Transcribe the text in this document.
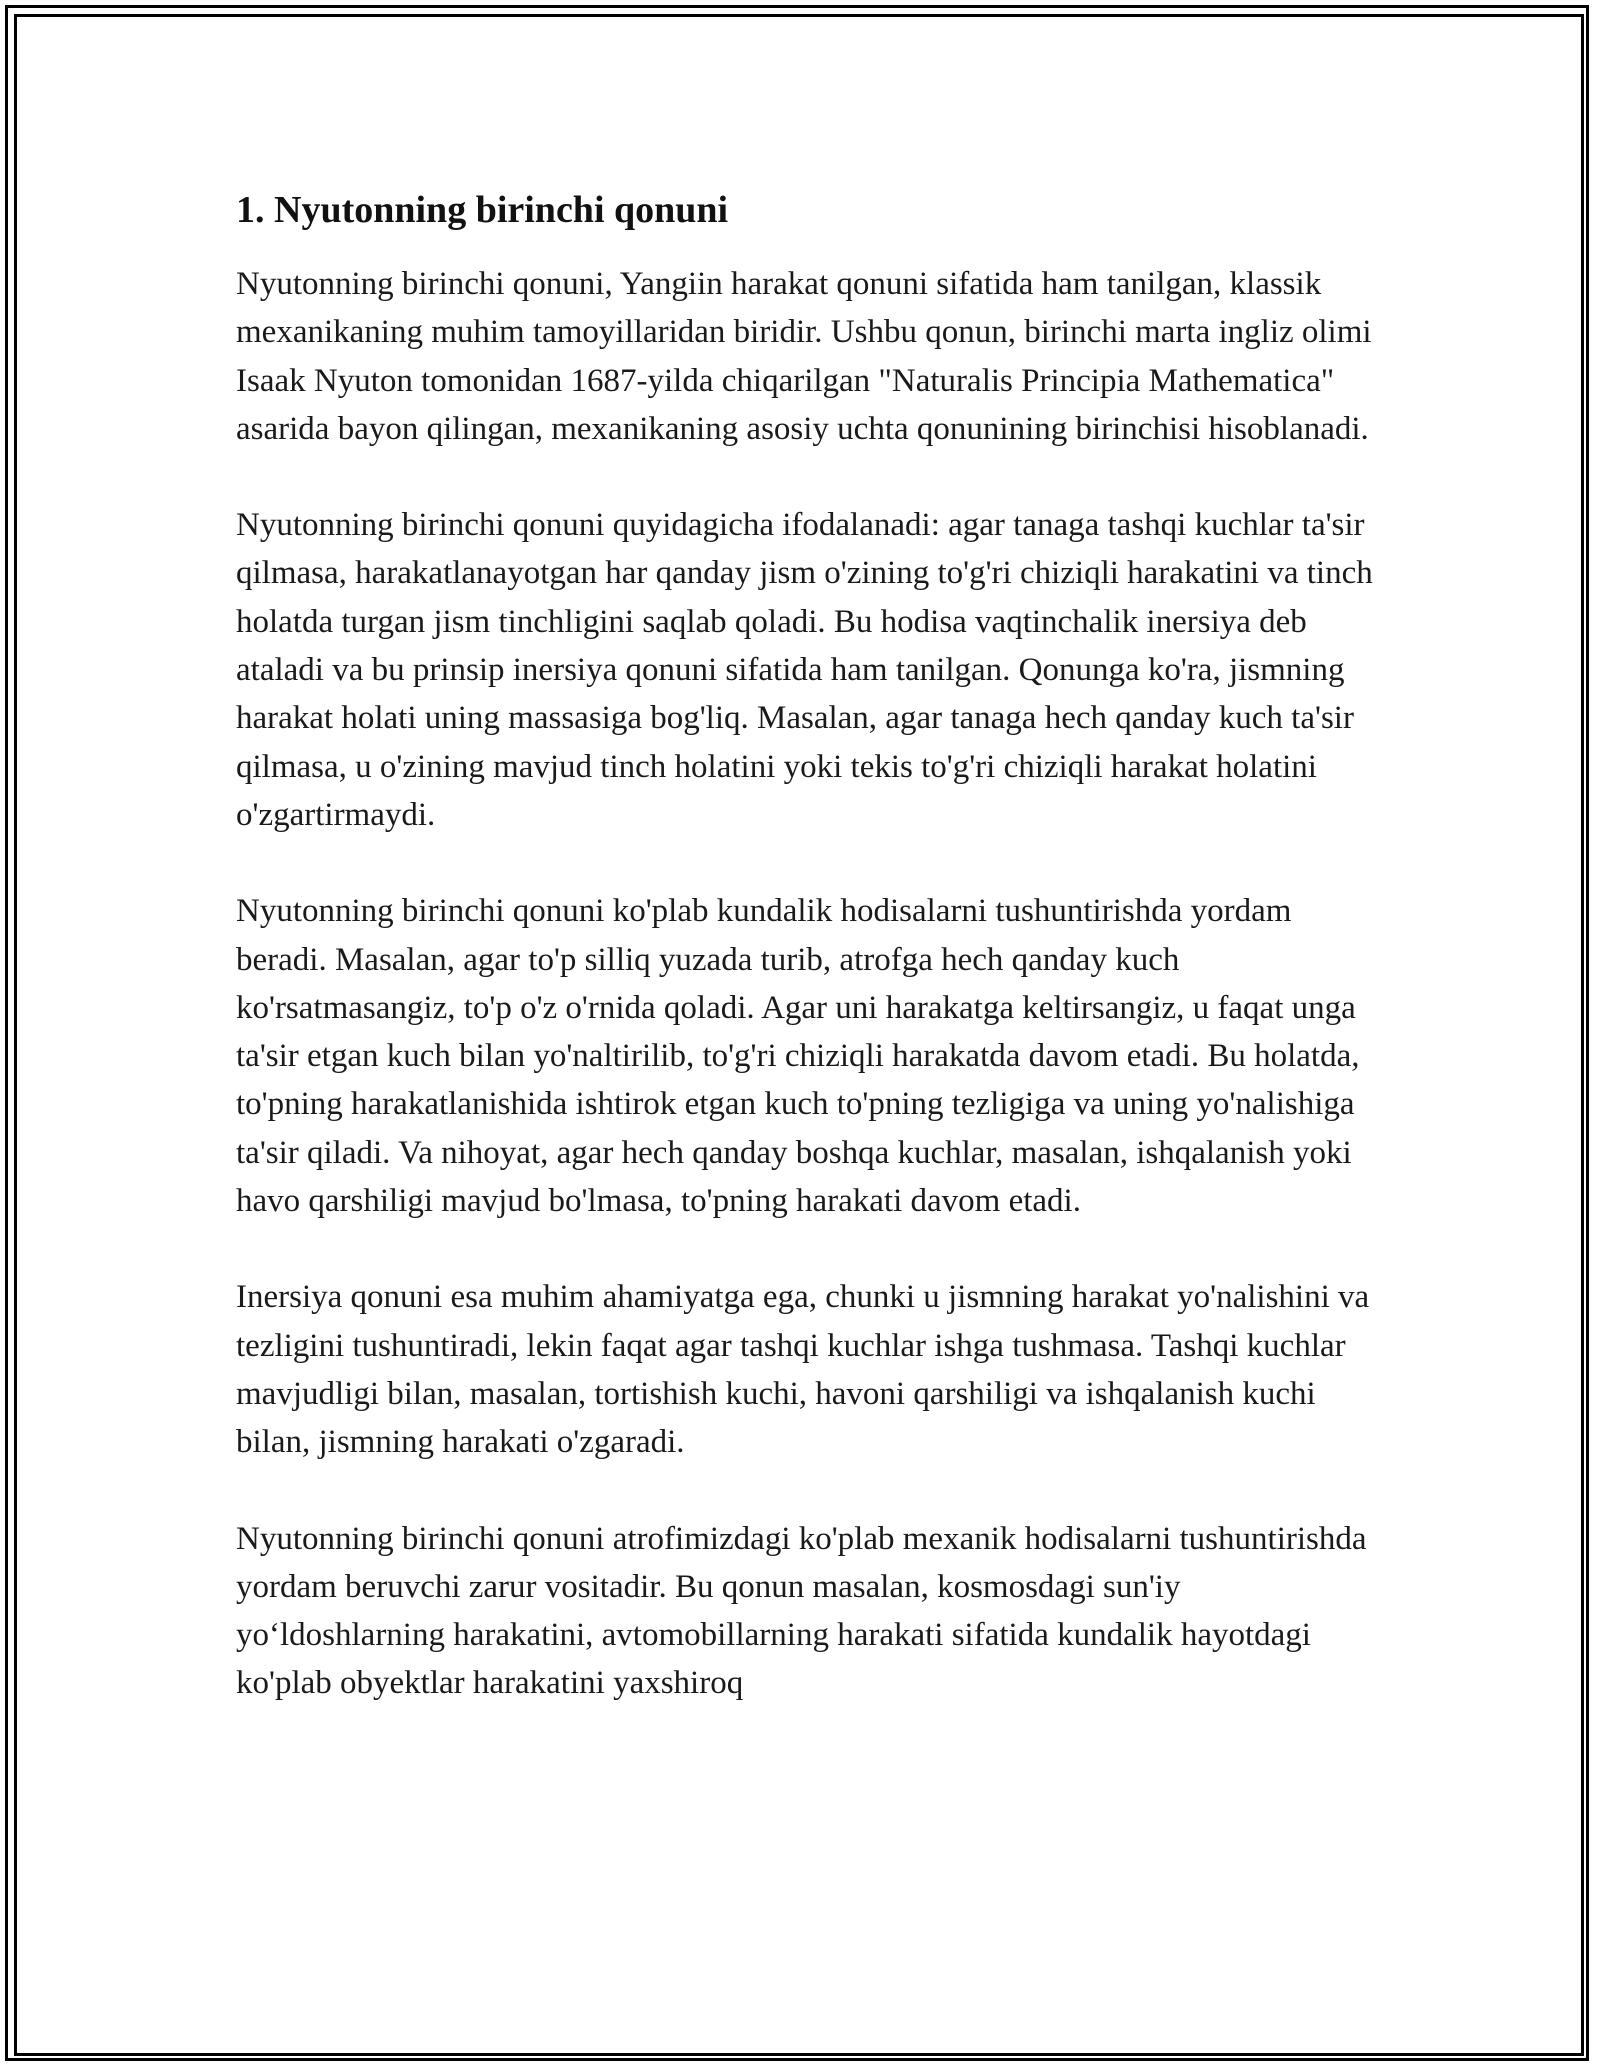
1. Nyutonning birinchi qonuni

Nyutonning birinchi qonuni, Yangiin harakat qonuni sifatida ham tanilgan, klassik mexanikaning muhim tamoyillaridan biridir. Ushbu qonun, birinchi marta ingliz olimi Isaak Nyuton tomonidan 1687-yilda chiqarilgan "Naturalis Principia Mathematica" asarida bayon qilingan, mexanikaning asosiy uchta qonunining birinchisi hisoblanadi.

Nyutonning birinchi qonuni quyidagicha ifodalanadi: agar tanaga tashqi kuchlar ta'sir qilmasa, harakatlanayotgan har qanday jism o'zining to'g'ri chiziqli harakatini va tinch holatda turgan jism tinchligini saqlab qoladi. Bu hodisa vaqtinchalik inersiya deb ataladi va bu prinsip inersiya qonuni sifatida ham tanilgan. Qonunga ko'ra, jismning harakat holati uning massasiga bog'liq. Masalan, agar tanaga hech qanday kuch ta'sir qilmasa, u o'zining mavjud tinch holatini yoki tekis to'g'ri chiziqli harakat holatini o'zgartirmaydi.

Nyutonning birinchi qonuni ko'plab kundalik hodisalarni tushuntirishda yordam beradi. Masalan, agar to'p silliq yuzada turib, atrofga hech qanday kuch ko'rsatmasangiz, to'p o'z o'rnida qoladi. Agar uni harakatga keltirsangiz, u faqat unga ta'sir etgan kuch bilan yo'naltirilib, to'g'ri chiziqli harakatda davom etadi. Bu holatda, to'pning harakatlanishida ishtirok etgan kuch to'pning tezligiga va uning yo'nalishiga ta'sir qiladi. Va nihoyat, agar hech qanday boshqa kuchlar, masalan, ishqalanish yoki havo qarshiligi mavjud bo'lmasa, to'pning harakati davom etadi.

Inersiya qonuni esa muhim ahamiyatga ega, chunki u jismning harakat yo'nalishini va tezligini tushuntiradi, lekin faqat agar tashqi kuchlar ishga tushmasa. Tashqi kuchlar mavjudligi bilan, masalan, tortishish kuchi, havoni qarshiligi va ishqalanish kuchi bilan, jismning harakati o'zgaradi.

Nyutonning birinchi qonuni atrofimizdagi ko'plab mexanik hodisalarni tushuntirishda yordam beruvchi zarur vositadir. Bu qonun masalan, kosmosdagi sun'iy yo‘ldoshlarning harakatini, avtomobillarning harakati sifatida kundalik hayotdagi ko'plab obyektlar harakatini yaxshiroq
